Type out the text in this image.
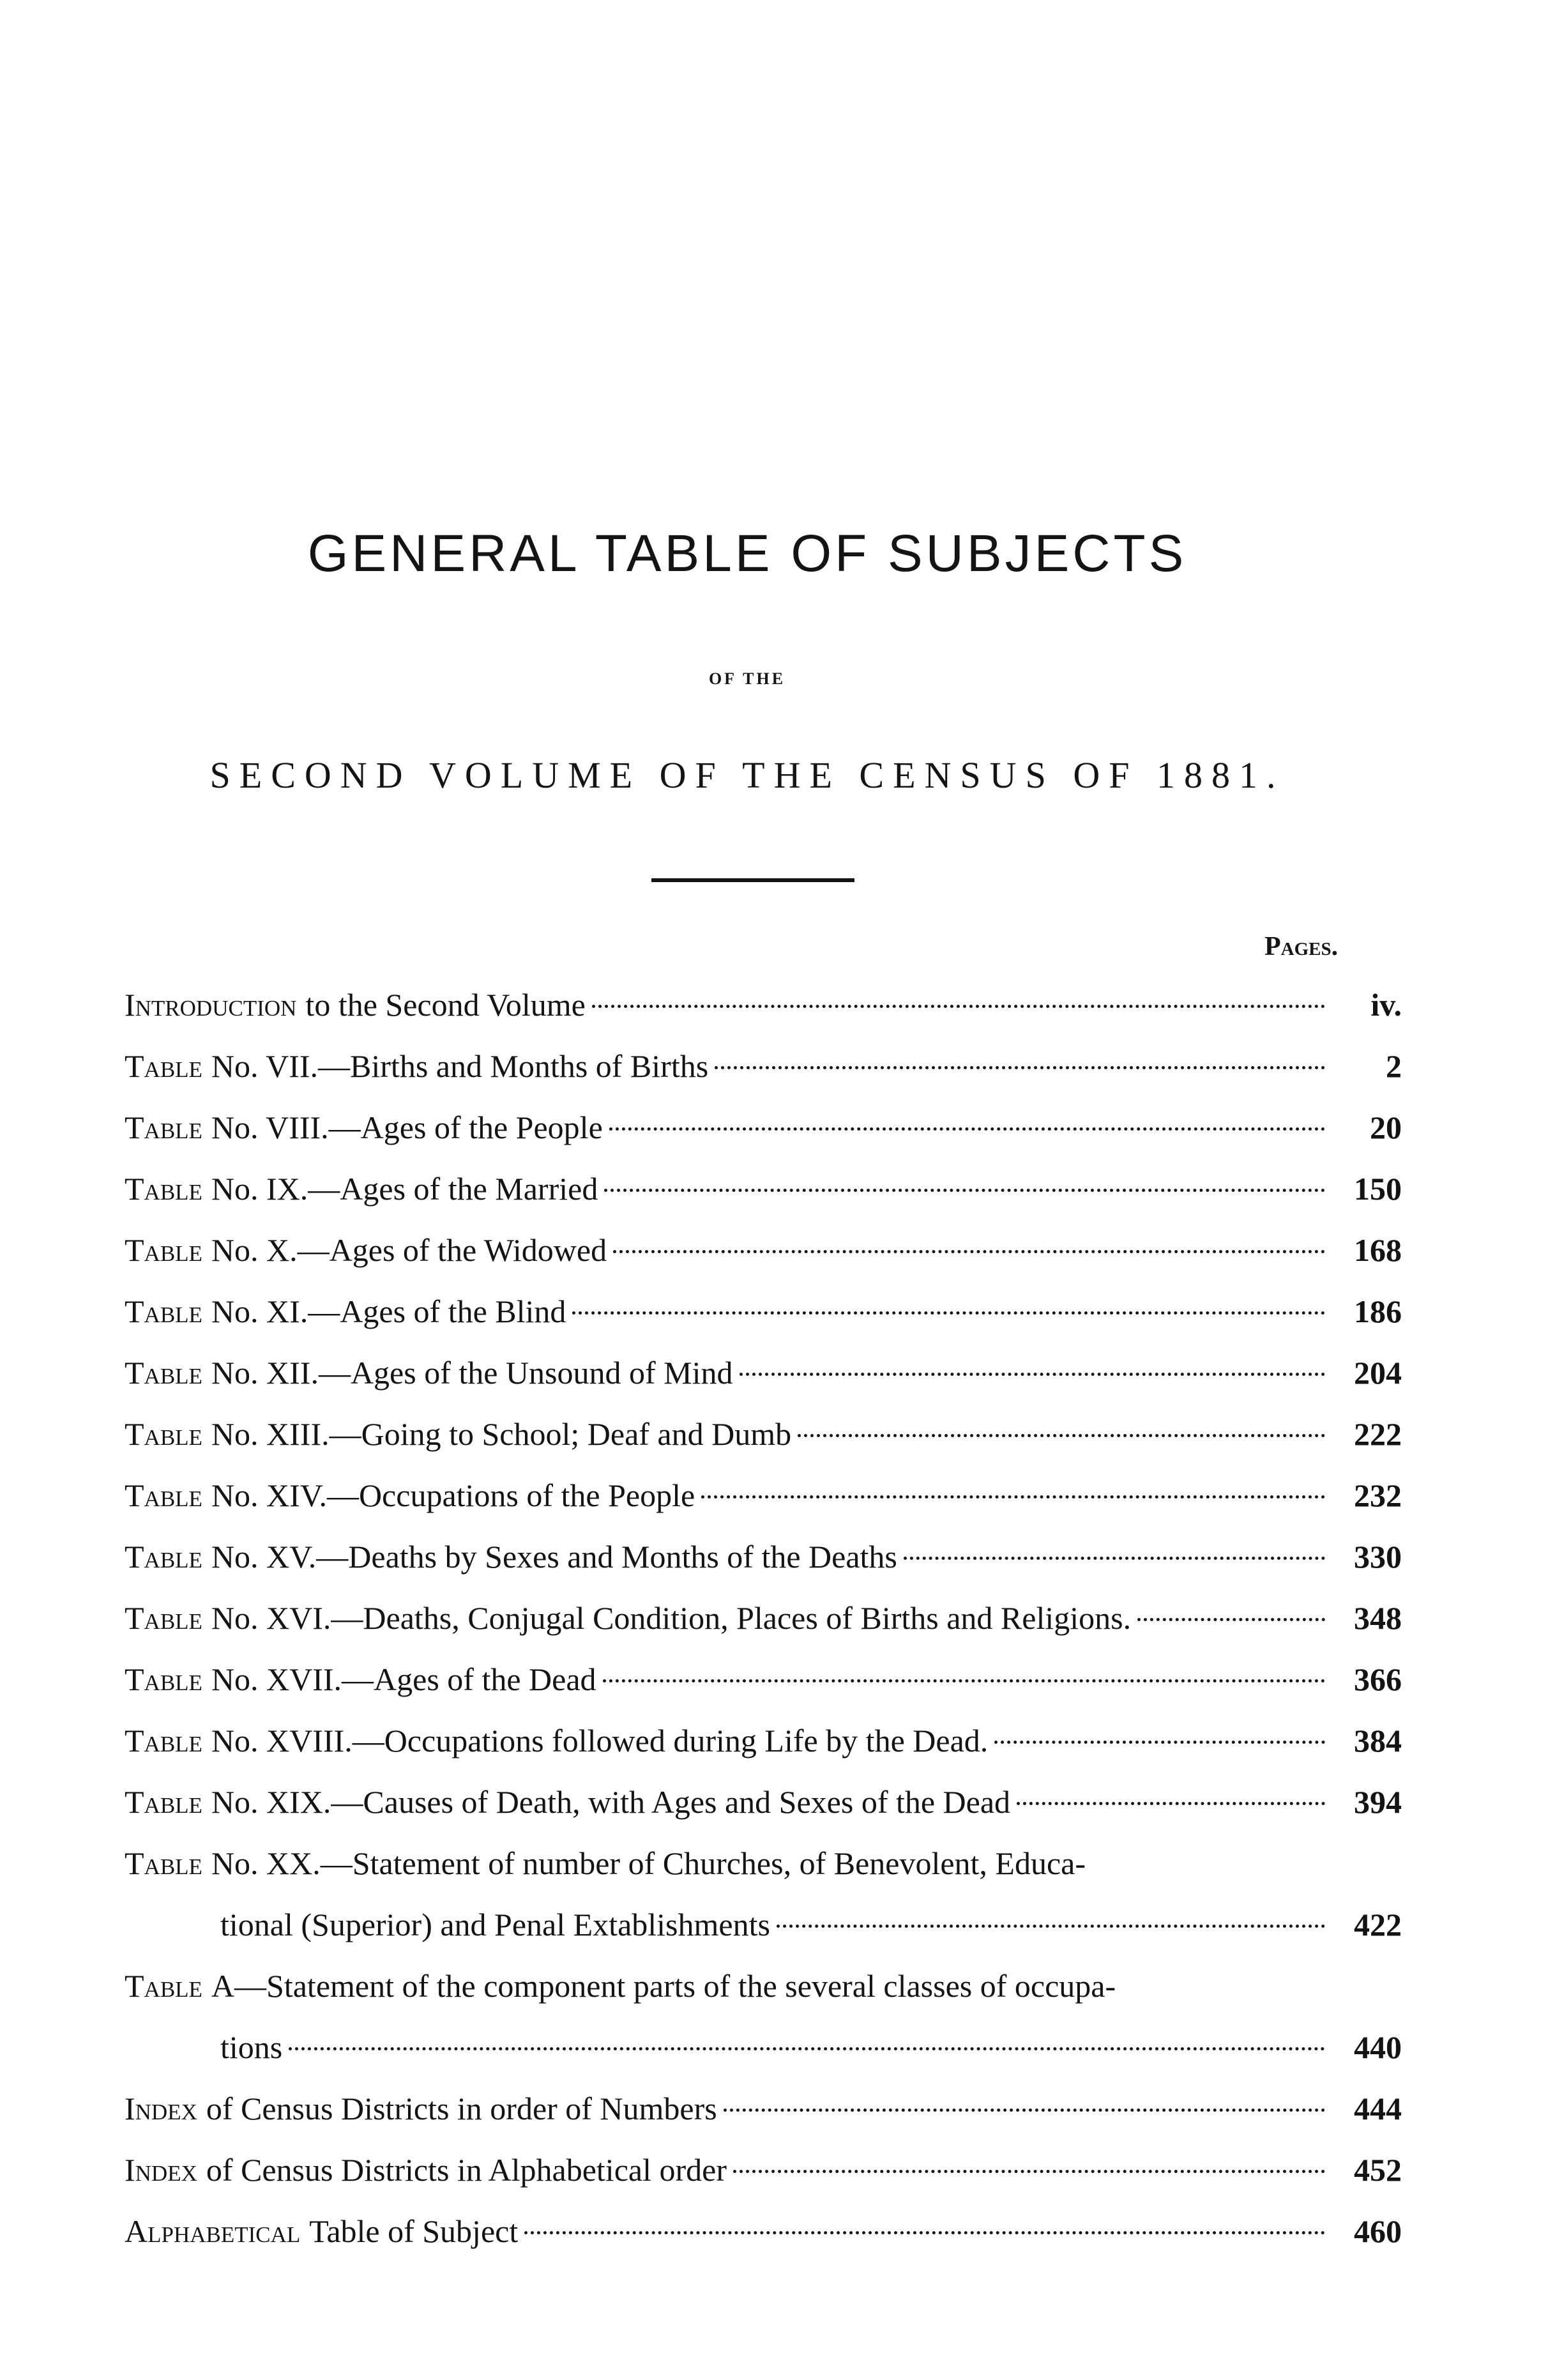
GENERAL TABLE OF SUBJECTS
OF THE
SECOND VOLUME OF THE CENSUS OF 1881.
Pages.
Introduction to the Second Volume	iv.
Table No. VII.—Births and Months of Births	2
Table No. VIII.—Ages of the People	20
Table No. IX.—Ages of the Married	150
Table No. X.—Ages of the Widowed	168
Table No. XI.—Ages of the Blind	186
Table No. XII.—Ages of the Unsound of Mind	204
Table No. XIII.—Going to School; Deaf and Dumb	222
Table No. XIV.—Occupations of the People	232
Table No. XV.—Deaths by Sexes and Months of the Deaths	330
Table No. XVI.—Deaths, Conjugal Condition, Places of Births and Religions.	348
Table No. XVII.—Ages of the Dead	366
Table No. XVIII.—Occupations followed during Life by the Dead.	384
Table No. XIX.—Causes of Death, with Ages and Sexes of the Dead	394
Table No. XX.—Statement of number of Churches, of Benevolent, Educa-
tional (Superior) and Penal Extablishments	422
Table A—Statement of the component parts of the several classes of occupa-
tions	440
Index of Census Districts in order of Numbers	444
Index of Census Districts in Alphabetical order	452
Alphabetical Table of Subject	460
